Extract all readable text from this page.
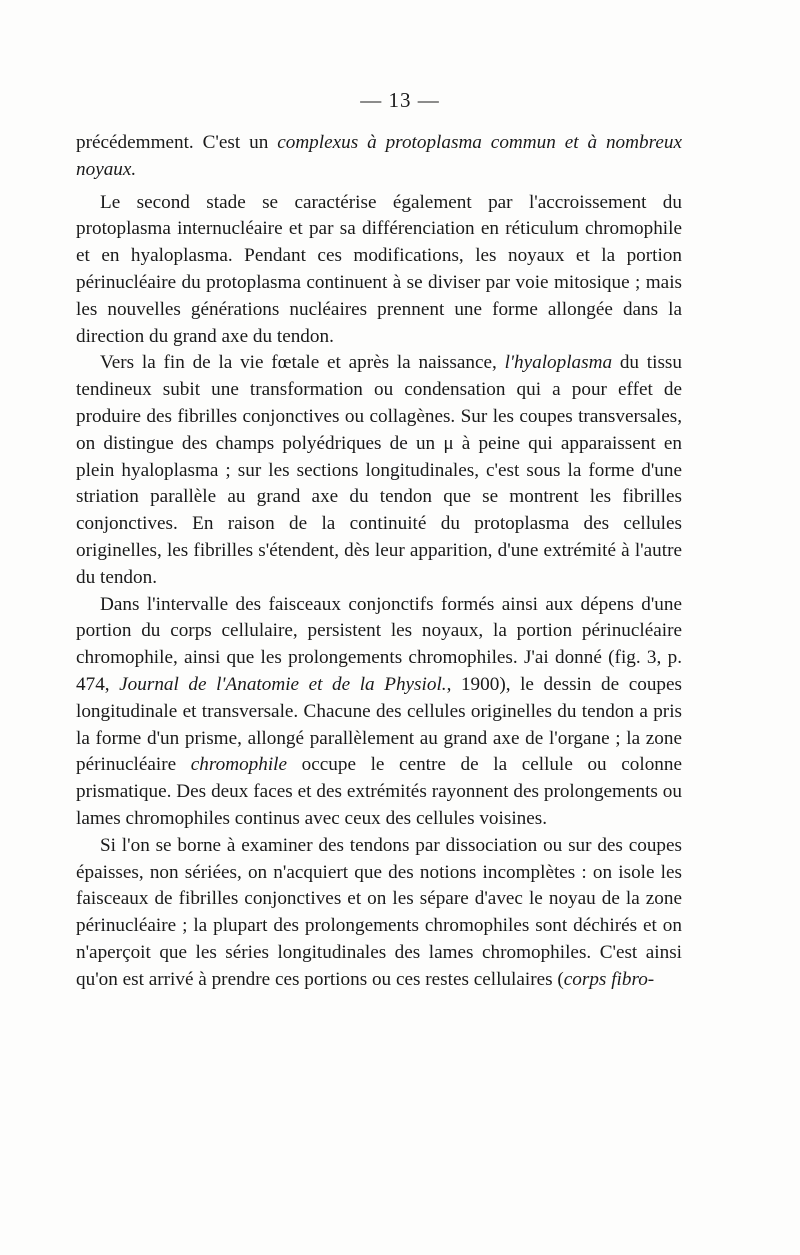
— 13 —

précédemment. C'est un complexus à protoplasma commun et à nombreux noyaux.

Le second stade se caractérise également par l'accroissement du protoplasma internucléaire et par sa différenciation en réticulum chromophile et en hyaloplasma. Pendant ces modifications, les noyaux et la portion périnucléaire du protoplasma continuent à se diviser par voie mitosique ; mais les nouvelles générations nucléaires prennent une forme allongée dans la direction du grand axe du tendon.

Vers la fin de la vie fœtale et après la naissance, l'hyaloplasma du tissu tendineux subit une transformation ou condensation qui a pour effet de produire des fibrilles conjonctives ou collagènes. Sur les coupes transversales, on distingue des champs polyédriques de un μ à peine qui apparaissent en plein hyaloplasma ; sur les sections longitudinales, c'est sous la forme d'une striation parallèle au grand axe du tendon que se montrent les fibrilles conjonctives. En raison de la continuité du protoplasma des cellules originelles, les fibrilles s'étendent, dès leur apparition, d'une extrémité à l'autre du tendon.

Dans l'intervalle des faisceaux conjonctifs formés ainsi aux dépens d'une portion du corps cellulaire, persistent les noyaux, la portion périnucléaire chromophile, ainsi que les prolongements chromophiles. J'ai donné (fig. 3, p. 474, Journal de l'Anatomie et de la Physiol., 1900), le dessin de coupes longitudinale et transversale. Chacune des cellules originelles du tendon a pris la forme d'un prisme, allongé parallèlement au grand axe de l'organe ; la zone périnucléaire chromophile occupe le centre de la cellule ou colonne prismatique. Des deux faces et des extrémités rayonnent des prolongements ou lames chromophiles continus avec ceux des cellules voisines.

Si l'on se borne à examiner des tendons par dissociation ou sur des coupes épaisses, non sériées, on n'acquiert que des notions incomplètes : on isole les faisceaux de fibrilles conjonctives et on les sépare d'avec le noyau de la zone périnucléaire ; la plupart des prolongements chromophiles sont déchirés et on n'aperçoit que les séries longitudinales des lames chromophiles. C'est ainsi qu'on est arrivé à prendre ces portions ou ces restes cellulaires (corps fibro-
